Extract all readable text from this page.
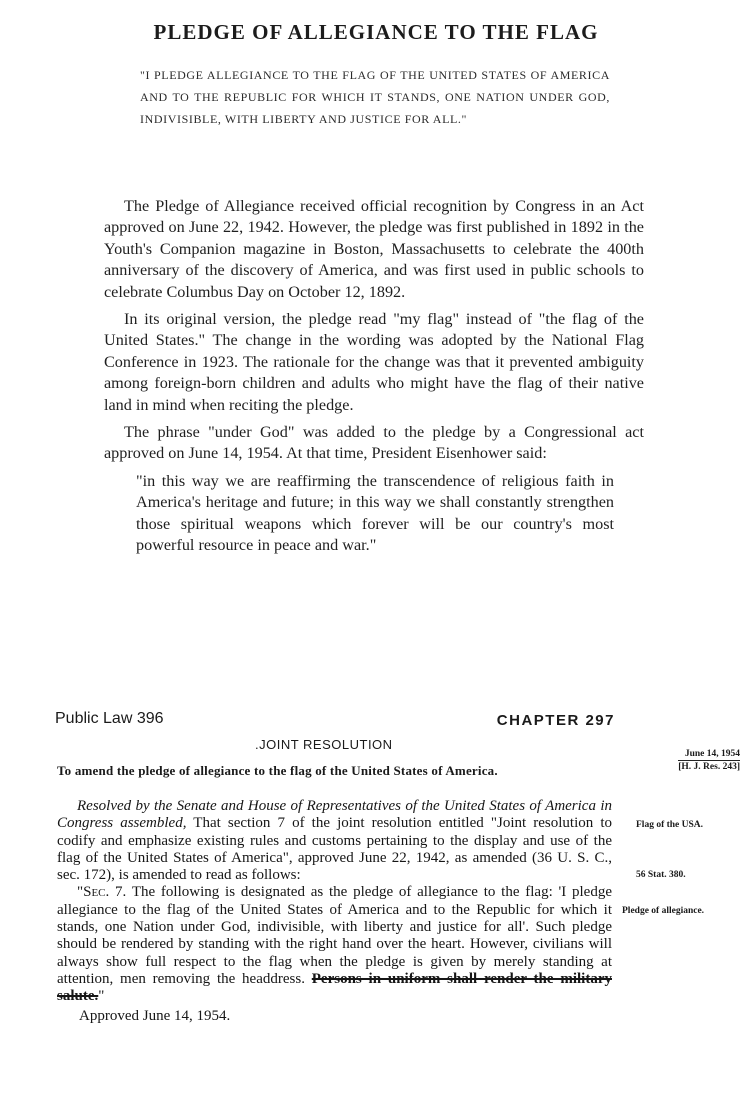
PLEDGE OF ALLEGIANCE TO THE FLAG
"I PLEDGE ALLEGIANCE TO THE FLAG OF THE UNITED STATES OF AMERICA AND TO THE REPUBLIC FOR WHICH IT STANDS, ONE NATION UNDER GOD, INDIVISIBLE, WITH LIBERTY AND JUSTICE FOR ALL."

The Pledge of Allegiance received official recognition by Congress in an Act approved on June 22, 1942. However, the pledge was first published in 1892 in the Youth's Companion magazine in Boston, Massachusetts to celebrate the 400th anniversary of the discovery of America, and was first used in public schools to celebrate Columbus Day on October 12, 1892.

In its original version, the pledge read "my flag" instead of "the flag of the United States." The change in the wording was adopted by the National Flag Conference in 1923. The rationale for the change was that it prevented ambiguity among foreign-born children and adults who might have the flag of their native land in mind when reciting the pledge.

The phrase "under God" was added to the pledge by a Congressional act approved on June 14, 1954. At that time, President Eisenhower said:

"in this way we are reaffirming the transcendence of religious faith in America's heritage and future; in this way we shall constantly strengthen those spiritual weapons which forever will be our country's most powerful resource in peace and war."

Public Law 396	CHAPTER 297
.JOINT RESOLUTION
To amend the pledge of allegiance to the flag of the United States of America.
June 14, 1954
[H. J. Res. 243]
Flag of the USA.
56 Stat. 380.
Pledge of allegiance.

Resolved by the Senate and House of Representatives of the United States of America in Congress assembled, That section 7 of the joint resolution entitled "Joint resolution to codify and emphasize existing rules and customs pertaining to the display and use of the flag of the United States of America", approved June 22, 1942, as amended (36 U. S. C., sec. 172), is amended to read as follows:

"Sec. 7. The following is designated as the pledge of allegiance to the flag: 'I pledge allegiance to the flag of the United States of America and to the Republic for which it stands, one Nation under God, indivisible, with liberty and justice for all'. Such pledge should be rendered by standing with the right hand over the heart. However, civilians will always show full respect to the flag when the pledge is given by merely standing at attention, men removing the headdress. Persons in uniform shall render the military salute."

Approved June 14, 1954.
